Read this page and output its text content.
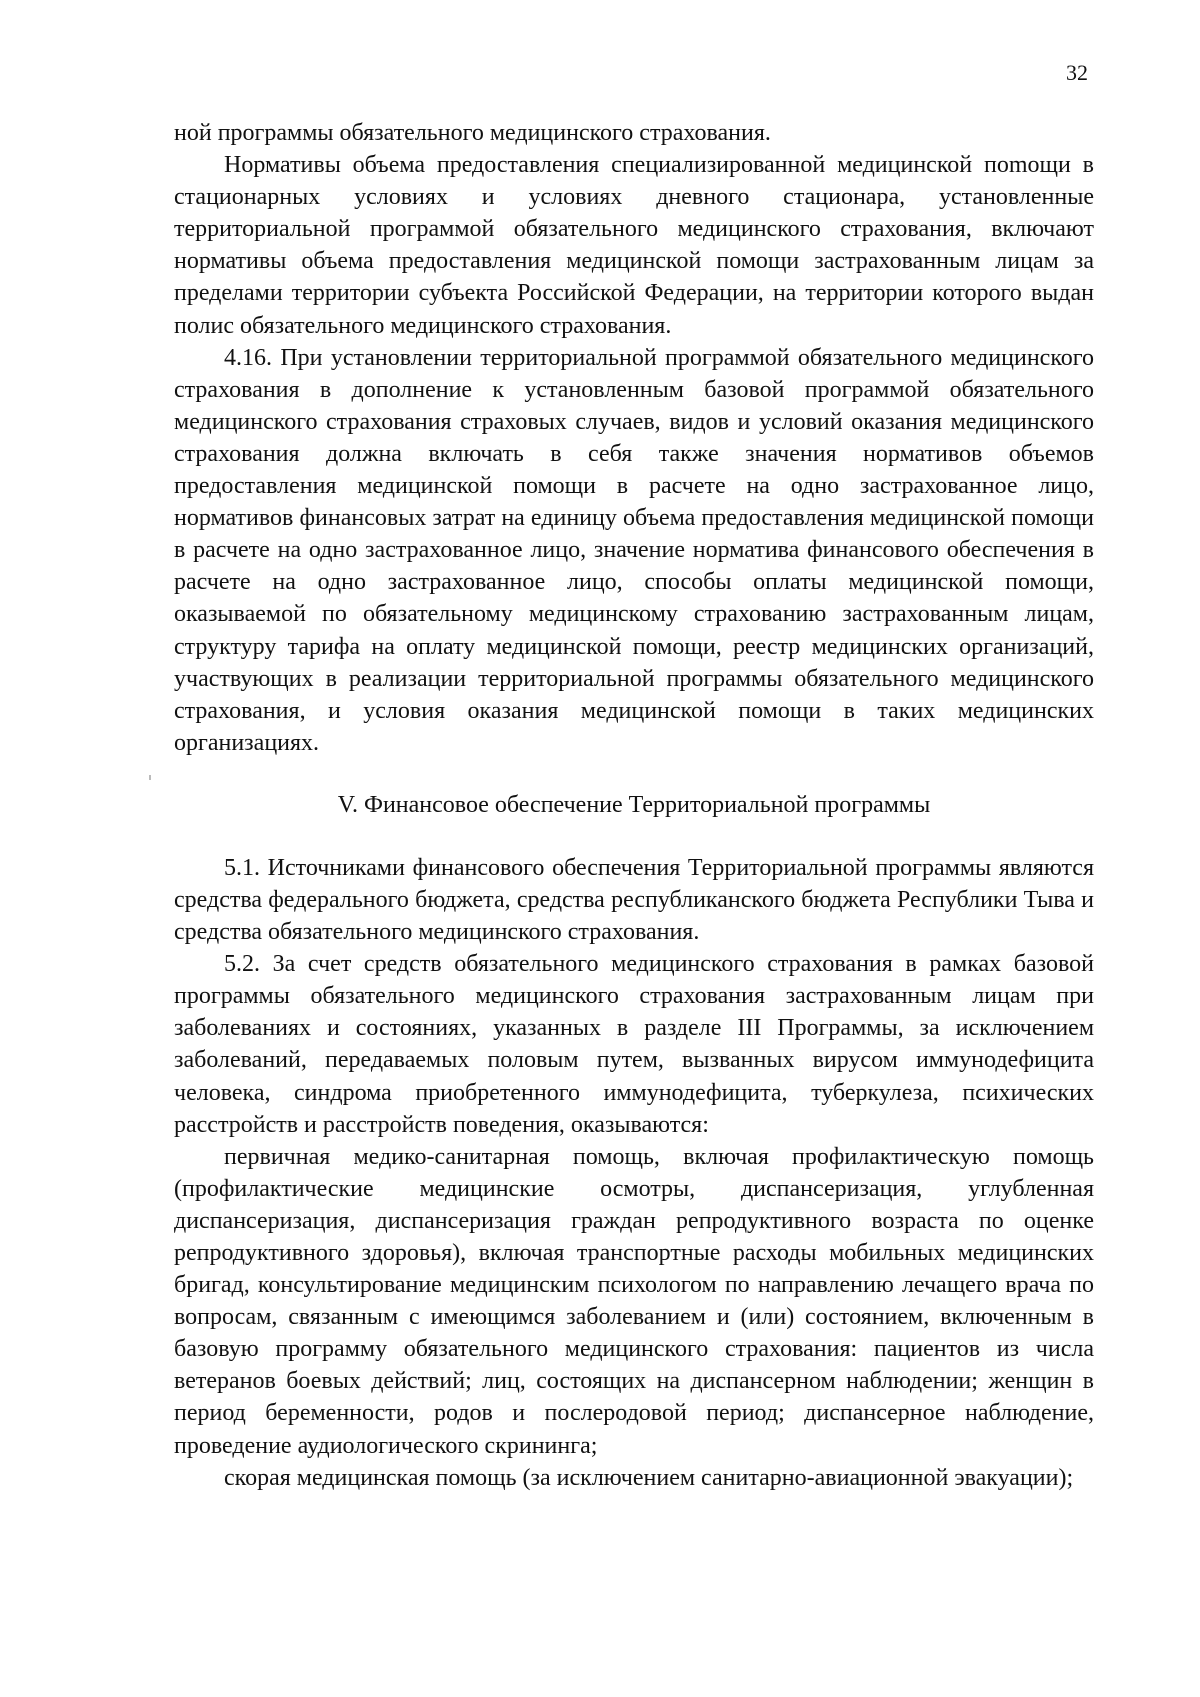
32

ной программы обязательного медицинского страхования.

Нормативы объема предоставления специализированной медицинской поmощи в стационарных условиях и условиях дневного стационара, установленные территориальной программой обязательного медицинского страхования, включают нормативы объема предоставления медицинской помощи застрахованным лицам за пределами территории субъекта Российской Федерации, на территории которого выдан полис обязательного медицинского страхования.

4.16. При установлении территориальной программой обязательного медицинского страхования в дополнение к установленным базовой программой обязательного медицинского страхования страховых случаев, видов и условий оказания медицинского страхования должна включать в себя также значения нормативов объемов предоставления медицинской помощи в расчете на одно застрахованное лицо, нормативов финансовых затрат на единицу объема предоставления медицинской помощи в расчете на одно застрахованное лицо, значение норматива финансового обеспечения в расчете на одно застрахованное лицо, способы оплаты медицинской помощи, оказываемой по обязательному медицинскому страхованию застрахованным лицам, структуру тарифа на оплату медицинской помощи, реестр медицинских организаций, участвующих в реализации территориальной программы обязательного медицинского страхования, и условия оказания медицинской помощи в таких медицинских организациях.

V. Финансовое обеспечение Территориальной программы

5.1. Источниками финансового обеспечения Территориальной программы являются средства федерального бюджета, средства республиканского бюджета Республики Тыва и средства обязательного медицинского страхования.

5.2. За счет средств обязательного медицинского страхования в рамках базовой программы обязательного медицинского страхования застрахованным лицам при заболеваниях и состояниях, указанных в разделе III Программы, за исключением заболеваний, передаваемых половым путем, вызванных вирусом иммунодефицита человека, синдрома приобретенного иммунодефицита, туберкулеза, психических расстройств и расстройств поведения, оказываются:

первичная медико-санитарная помощь, включая профилактическую помощь (профилактические медицинские осмотры, диспансеризация, углубленная диспансеризация, диспансеризация граждан репродуктивного возраста по оценке репродуктивного здоровья), включая транспортные расходы мобильных медицинских бригад, консультирование медицинским психологом по направлению лечащего врача по вопросам, связанным с имеющимся заболеванием и (или) состоянием, включенным в базовую программу обязательного медицинского страхования: пациентов из числа ветеранов боевых действий; лиц, состоящих на диспансерном наблюдении; женщин в период беременности, родов и послеродовой период; диспансерное наблюдение, проведение аудиологического скрининга;

скорая медицинская помощь (за исключением санитарно-авиационной эвакуации);
